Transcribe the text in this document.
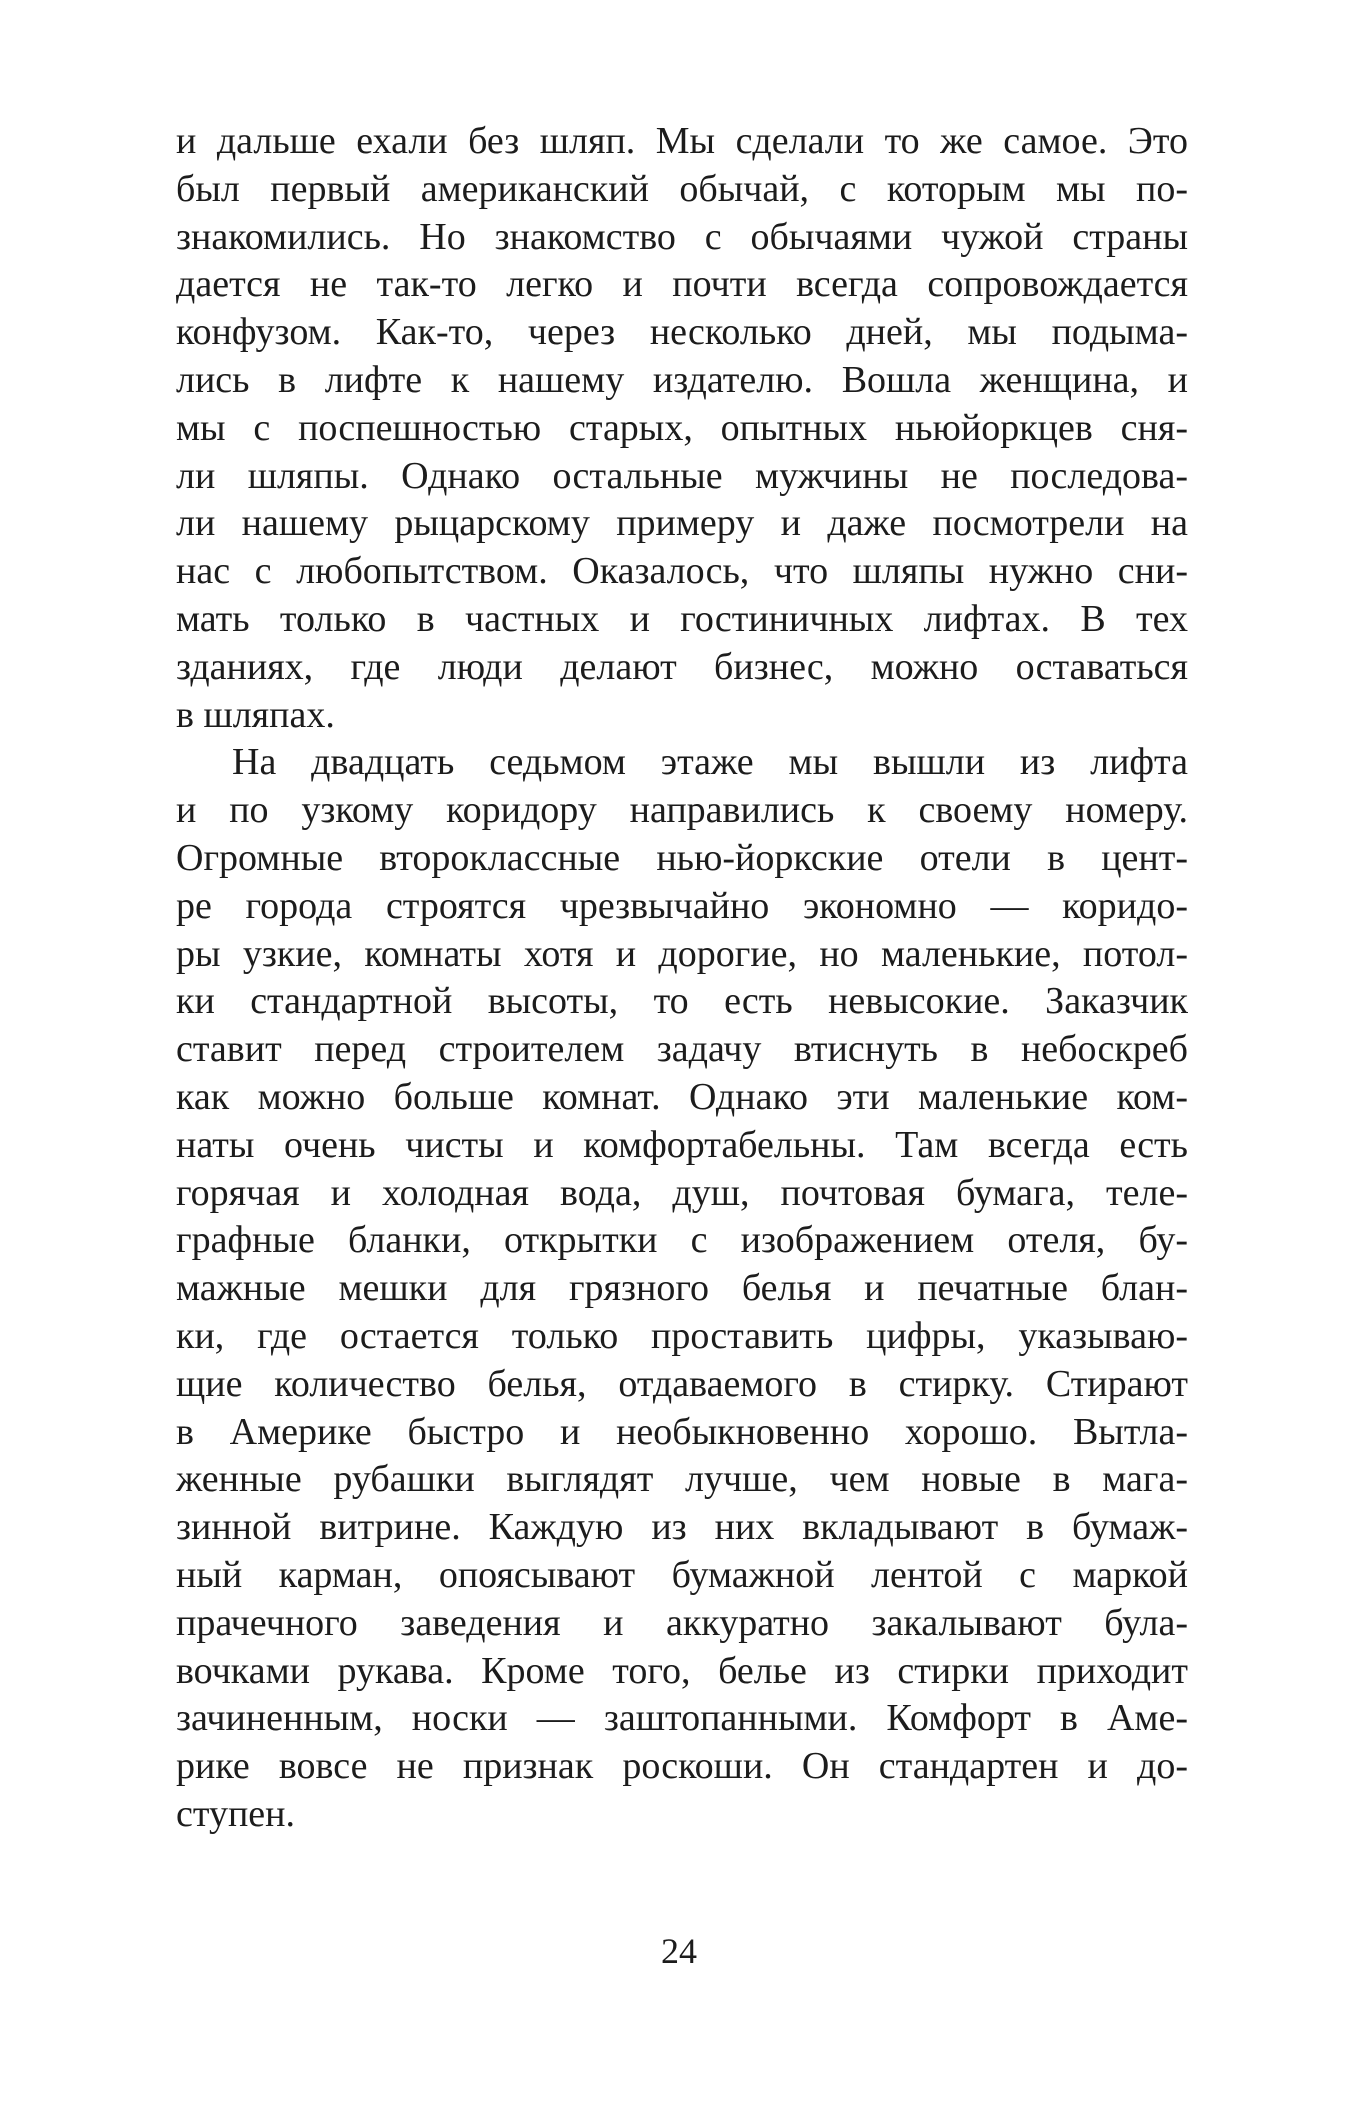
и дальше ехали без шляп. Мы сделали то же самое. Это
был первый американский обычай, с которым мы по-
знакомились. Но знакомство с обычаями чужой страны
дается не так-то легко и почти всегда сопровождается
конфузом. Как-то, через несколько дней, мы подыма-
лись в лифте к нашему издателю. Вошла женщина, и
мы с поспешностью старых, опытных ньюйоркцев сня-
ли шляпы. Однако остальные мужчины не последова-
ли нашему рыцарскому примеру и даже посмотрели на
нас с любопытством. Оказалось, что шляпы нужно сни-
мать только в частных и гостиничных лифтах. В тех
зданиях, где люди делают бизнес, можно оставаться
в шляпах.
На двадцать седьмом этаже мы вышли из лифта
и по узкому коридору направились к своему номеру.
Огромные второклассные нью-йоркские отели в цент-
ре города строятся чрезвычайно экономно — коридо-
ры узкие, комнаты хотя и дорогие, но маленькие, потол-
ки стандартной высоты, то есть невысокие. Заказчик
ставит перед строителем задачу втиснуть в небоскреб
как можно больше комнат. Однако эти маленькие ком-
наты очень чисты и комфортабельны. Там всегда есть
горячая и холодная вода, душ, почтовая бумага, теле-
графные бланки, открытки с изображением отеля, бу-
мажные мешки для грязного белья и печатные блан-
ки, где остается только проставить цифры, указываю-
щие количество белья, отдаваемого в стирку. Стирают
в Америке быстро и необыкновенно хорошо. Вытла-
женные рубашки выглядят лучше, чем новые в мага-
зинной витрине. Каждую из них вкладывают в бумаж-
ный карман, опоясывают бумажной лентой с маркой
прачечного заведения и аккуратно закалывают була-
вочками рукава. Кроме того, белье из стирки приходит
зачиненным, носки — заштопанными. Комфорт в Аме-
рике вовсе не признак роскоши. Он стандартен и до-
ступен.
24
